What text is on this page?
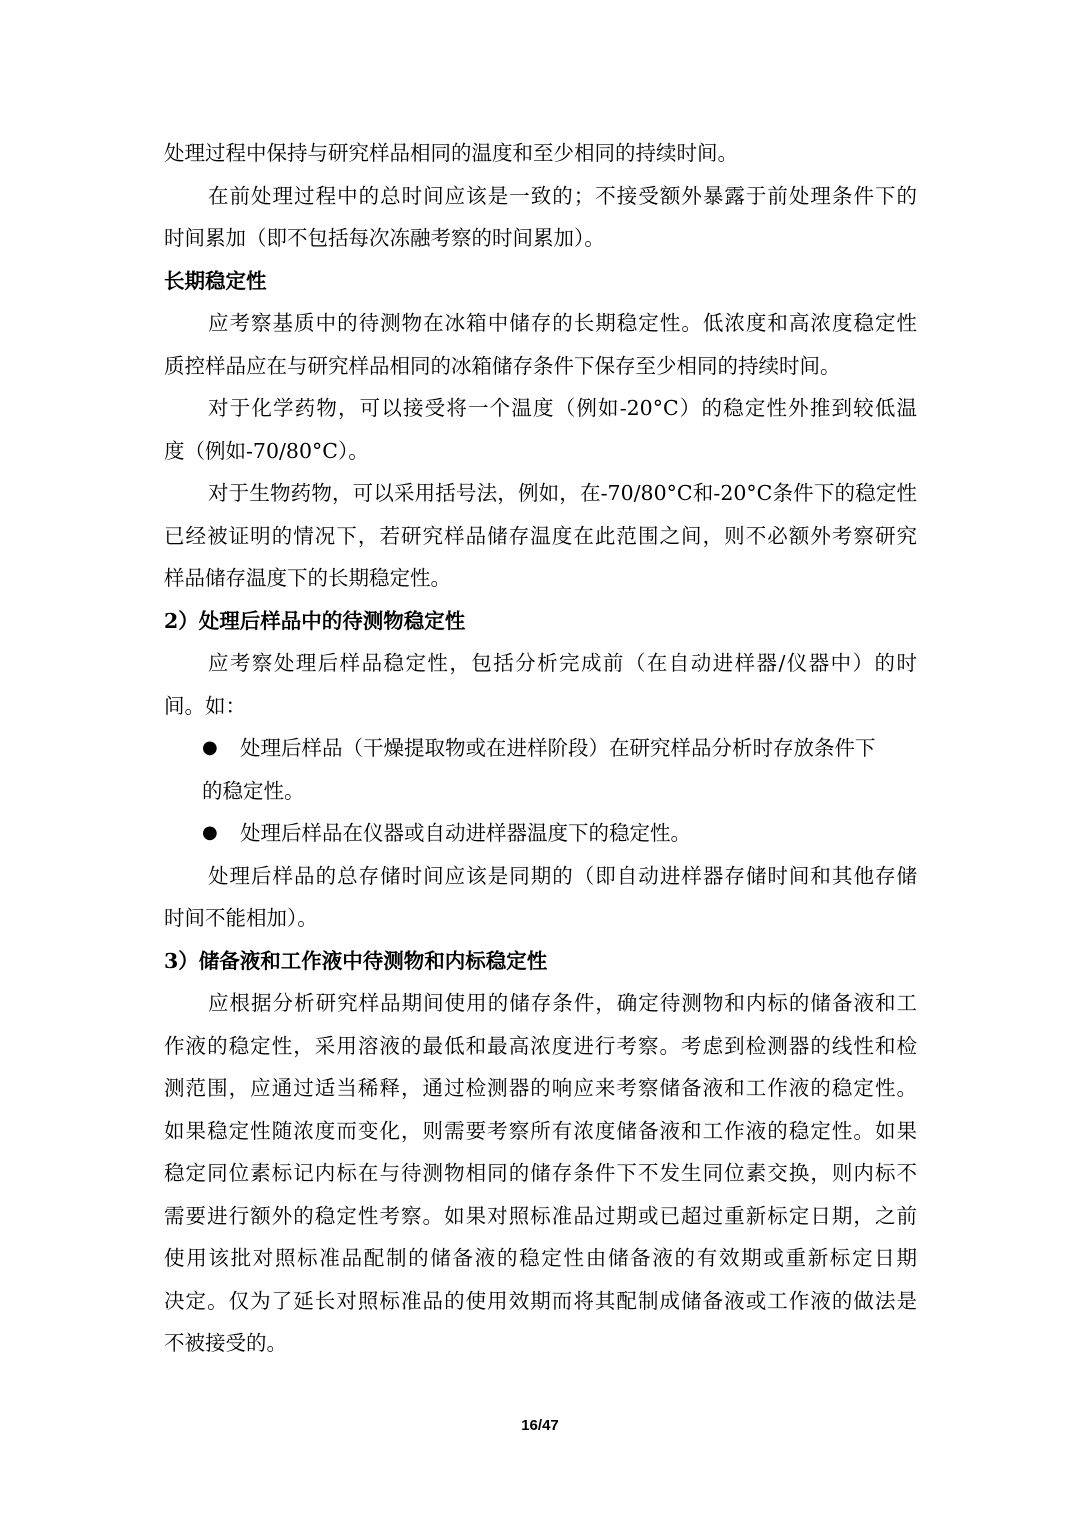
处理过程中保持与研究样品相同的温度和至少相同的持续时间。
在前处理过程中的总时间应该是一致的；不接受额外暴露于前处理条件下的
时间累加（即不包括每次冻融考察的时间累加）。
长期稳定性
应考察基质中的待测物在冰箱中储存的长期稳定性。低浓度和高浓度稳定性
质控样品应在与研究样品相同的冰箱储存条件下保存至少相同的持续时间。
对于化学药物，可以接受将一个温度（例如-20°C）的稳定性外推到较低温
度（例如-70/80°C）。
对于生物药物，可以采用括号法，例如，在-70/80°C和-20°C条件下的稳定性
已经被证明的情况下，若研究样品储存温度在此范围之间，则不必额外考察研究
样品储存温度下的长期稳定性。
2）处理后样品中的待测物稳定性
应考察处理后样品稳定性，包括分析完成前（在自动进样器/仪器中）的时
间。如：
● 处理后样品（干燥提取物或在进样阶段）在研究样品分析时存放条件下
的稳定性。
● 处理后样品在仪器或自动进样器温度下的稳定性。
处理后样品的总存储时间应该是同期的（即自动进样器存储时间和其他存储
时间不能相加）。
3）储备液和工作液中待测物和内标稳定性
应根据分析研究样品期间使用的储存条件，确定待测物和内标的储备液和工
作液的稳定性，采用溶液的最低和最高浓度进行考察。考虑到检测器的线性和检
测范围，应通过适当稀释，通过检测器的响应来考察储备液和工作液的稳定性。
如果稳定性随浓度而变化，则需要考察所有浓度储备液和工作液的稳定性。如果
稳定同位素标记内标在与待测物相同的储存条件下不发生同位素交换，则内标不
需要进行额外的稳定性考察。如果对照标准品过期或已超过重新标定日期，之前
使用该批对照标准品配制的储备液的稳定性由储备液的有效期或重新标定日期
决定。仅为了延长对照标准品的使用效期而将其配制成储备液或工作液的做法是
不被接受的。
16/47
